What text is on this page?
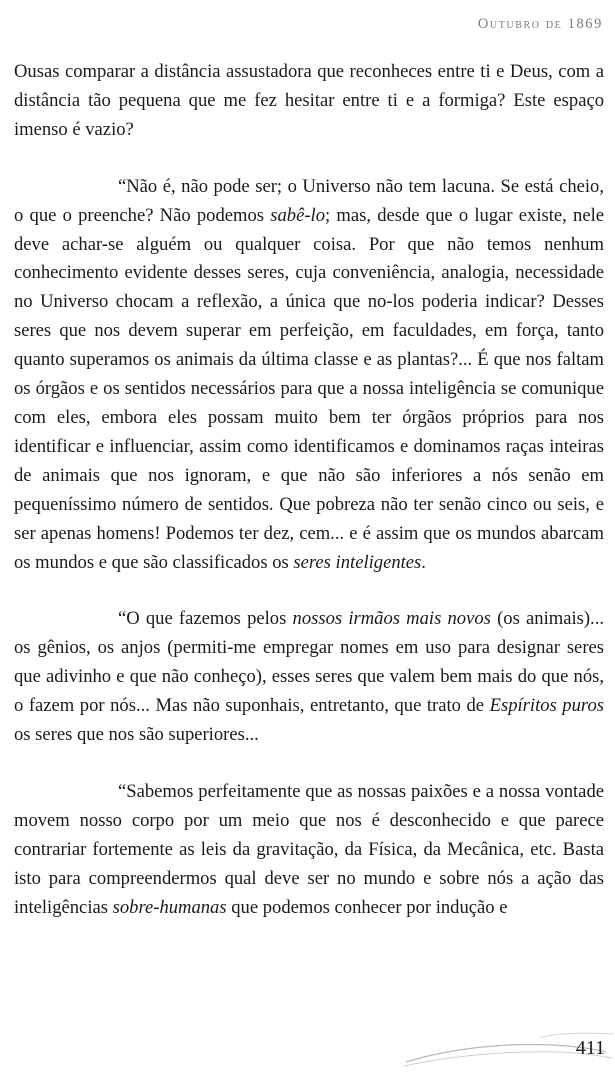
Outubro de 1869

Ousas comparar a distância assustadora que reconheces entre ti e Deus, com a distância tão pequena que me fez hesitar entre ti e a formiga? Este espaço imenso é vazio?

“Não é, não pode ser; o Universo não tem lacuna. Se está cheio, o que o preenche? Não podemos sabê-lo; mas, desde que o lugar existe, nele deve achar-se alguém ou qualquer coisa. Por que não temos nenhum conhecimento evidente desses seres, cuja conveniência, analogia, necessidade no Universo chocam a reflexão, a única que no-los poderia indicar? Desses seres que nos devem superar em perfeição, em faculdades, em força, tanto quanto superamos os animais da última classe e as plantas?... É que nos faltam os órgãos e os sentidos necessários para que a nossa inteligência se comunique com eles, embora eles possam muito bem ter órgãos próprios para nos identificar e influenciar, assim como identificamos e dominamos raças inteiras de animais que nos ignoram, e que não são inferiores a nós senão em pequeníssimo número de sentidos. Que pobreza não ter senão cinco ou seis, e ser apenas homens! Podemos ter dez, cem... e é assim que os mundos abarcam os mundos e que são classificados os seres inteligentes.

“O que fazemos pelos nossos irmãos mais novos (os animais)... os gênios, os anjos (permiti-me empregar nomes em uso para designar seres que adivinho e que não conheço), esses seres que valem bem mais do que nós, o fazem por nós... Mas não suponhais, entretanto, que trato de Espíritos puros os seres que nos são superiores...

“Sabemos perfeitamente que as nossas paixões e a nossa vontade movem nosso corpo por um meio que nos é desconhecido e que parece contrariar fortemente as leis da gravitação, da Física, da Mecânica, etc. Basta isto para compreendermos qual deve ser no mundo e sobre nós a ação das inteligências sobre-humanas que podemos conhecer por indução e

411
